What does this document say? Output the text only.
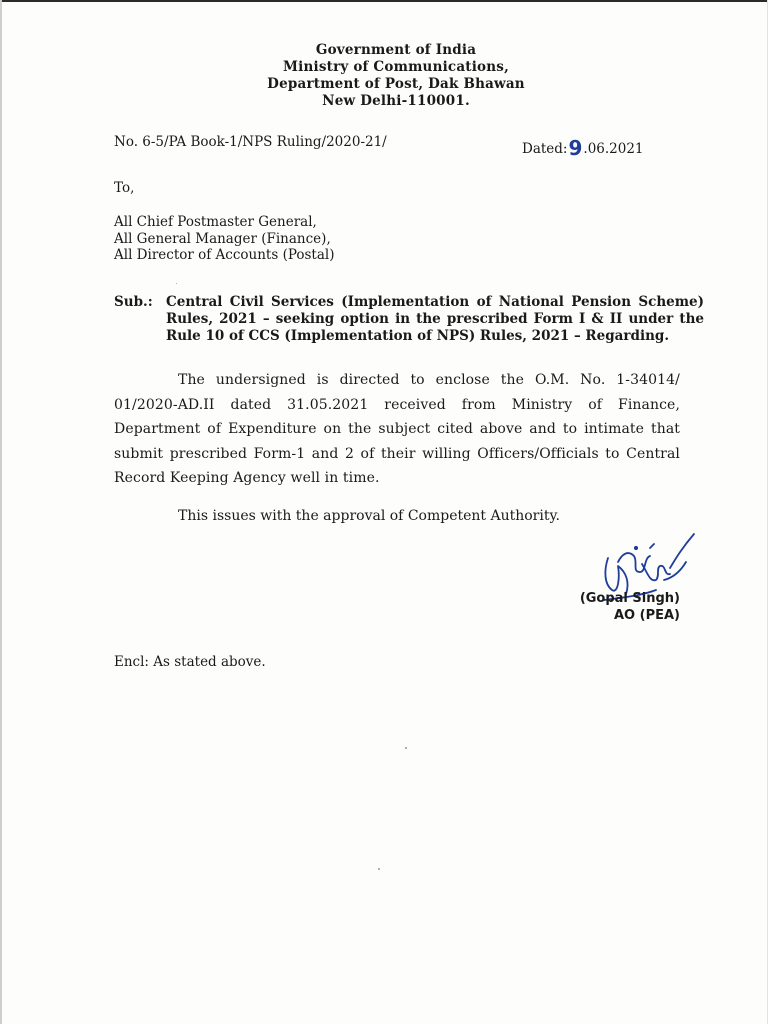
Government of India
Ministry of Communications,
Department of Post, Dak Bhawan
New Delhi-110001.
No. 6-5/PA Book-1/NPS Ruling/2020-21/	Dated:9.06.2021
To,
All Chief Postmaster General,
All General Manager (Finance),
All Director of Accounts (Postal)
Sub.: Central Civil Services (Implementation of National Pension Scheme) Rules, 2021 – seeking option in the prescribed Form I & II under the Rule 10 of CCS (Implementation of NPS) Rules, 2021 – Regarding.
The undersigned is directed to enclose the O.M. No. 1-34014/ 01/2020-AD.II dated 31.05.2021 received from Ministry of Finance, Department of Expenditure on the subject cited above and to intimate that submit prescribed Form-1 and 2 of their willing Officers/Officials to Central Record Keeping Agency well in time.
This issues with the approval of Competent Authority.
(Gopal Singh)
AO (PEA)
Encl: As stated above.
